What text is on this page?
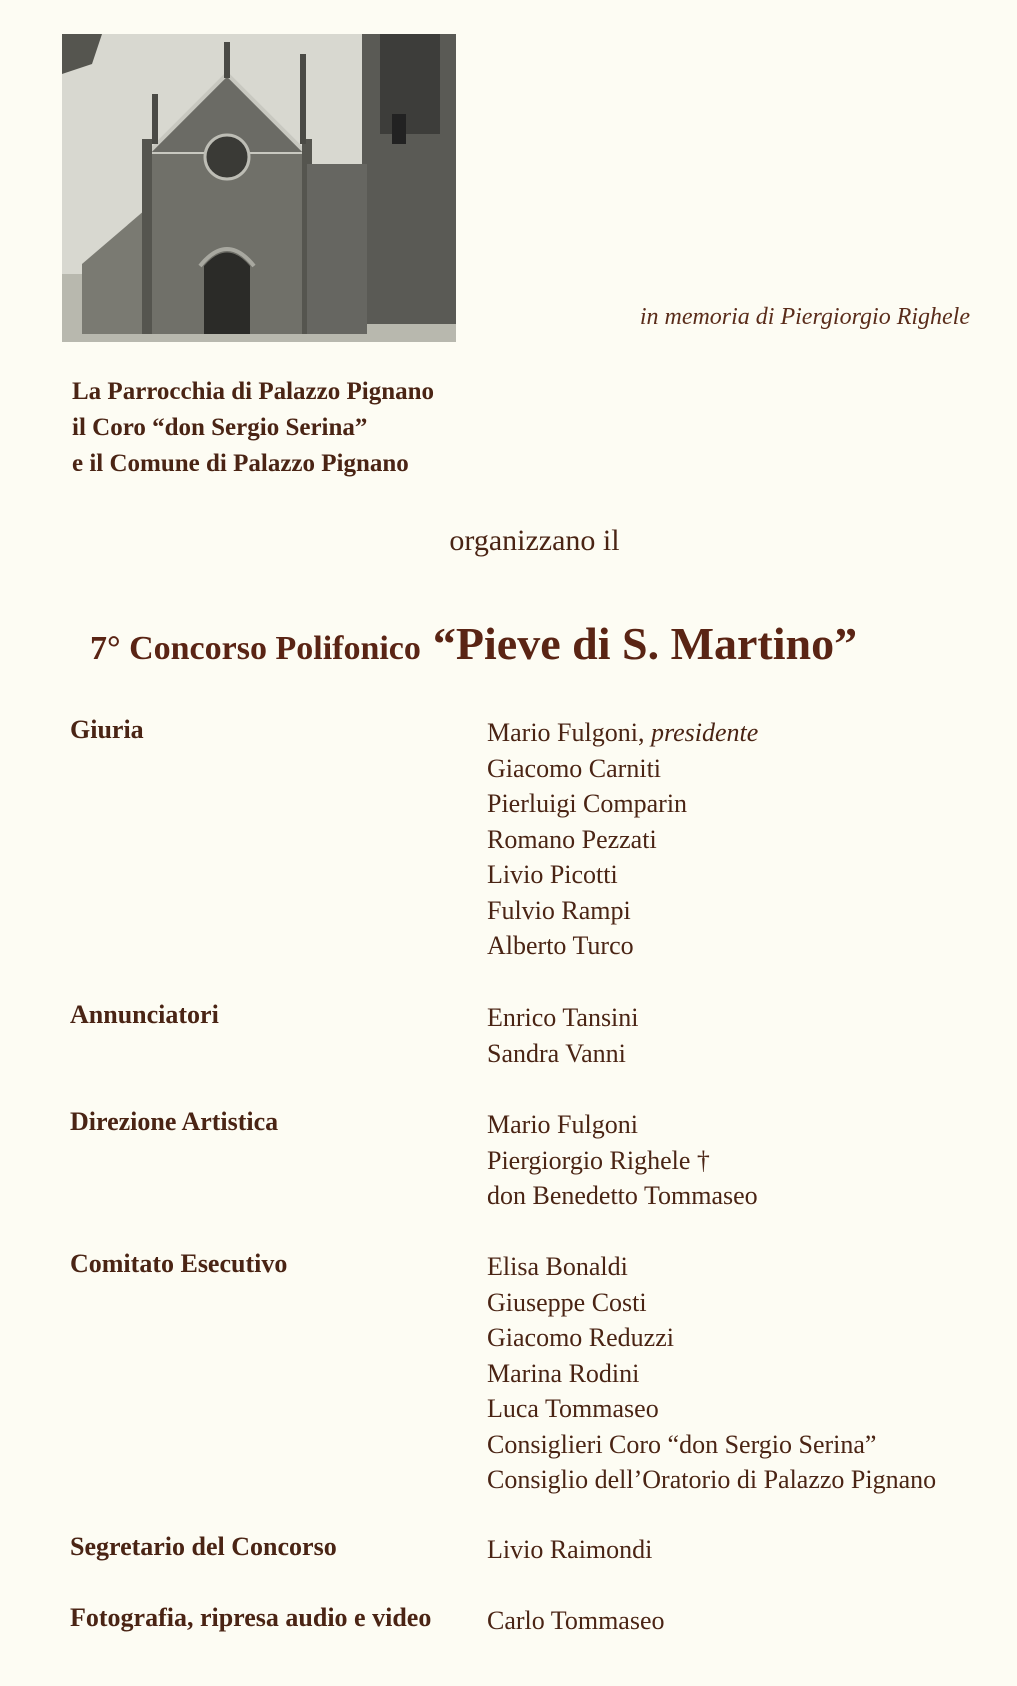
in memoria di Piergiorgio Righele
La Parrocchia di Palazzo Pignano
il Coro “don Sergio Serina”
e il Comune di Palazzo Pignano
organizzano il
7° Concorso Polifonico “Pieve di S. Martino”
Giuria	Mario Fulgoni, presidente
Giacomo Carniti
Pierluigi Comparin
Romano Pezzati
Livio Picotti
Fulvio Rampi
Alberto Turco
Annunciatori	Enrico Tansini
Sandra Vanni
Direzione Artistica	Mario Fulgoni
Piergiorgio Righele †
don Benedetto Tommaseo
Comitato Esecutivo	Elisa Bonaldi
Giuseppe Costi
Giacomo Reduzzi
Marina Rodini
Luca Tommaseo
Consiglieri Coro “don Sergio Serina”
Consiglio dell’Oratorio di Palazzo Pignano
Segretario del Concorso	Livio Raimondi
Fotografia, ripresa audio e video Carlo Tommaseo
